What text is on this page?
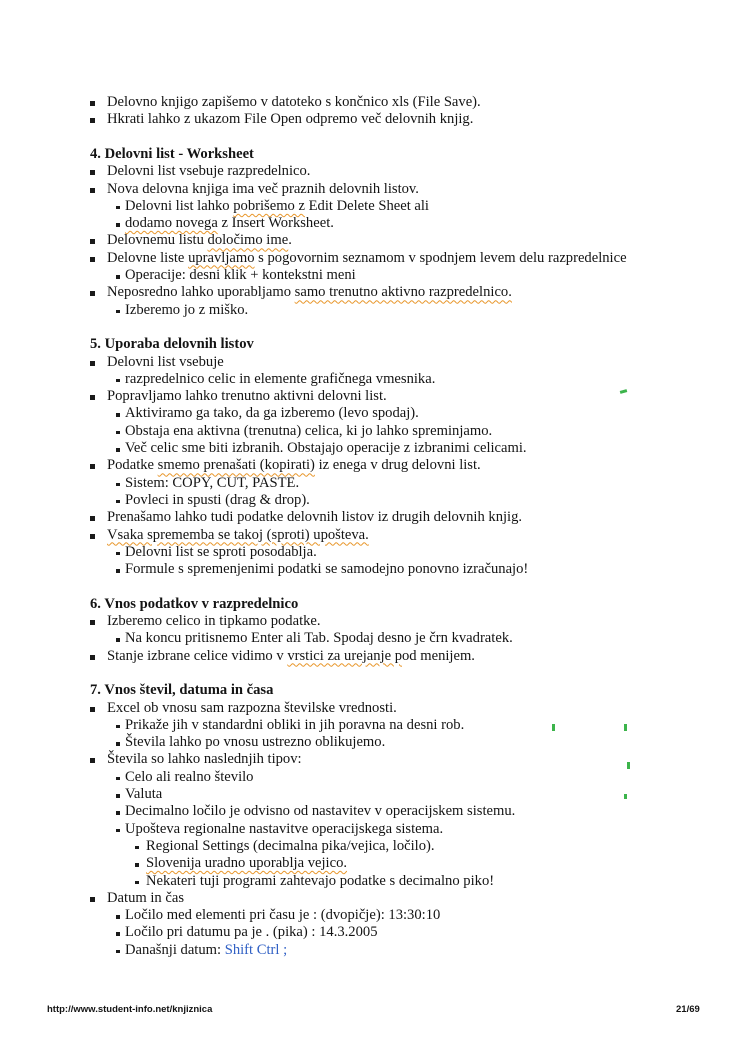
Delovno knjigo zapišemo v datoteko s končnico xls (File Save).
Hkrati lahko z ukazom File Open odpremo več delovnih knjig.
4. Delovni list - Worksheet
Delovni list vsebuje razpredelnico.
Nova delovna knjiga ima več praznih delovnih listov.
Delovni list lahko pobrišemo z Edit Delete Sheet ali
dodamo novega z Insert Worksheet.
Delovnemu listu določimo ime.
Delovne liste upravljamo s pogovornim seznamom v spodnjem levem delu razpredelnice
Operacije: desni klik + kontekstni meni
Neposredno lahko uporabljamo samo trenutno aktivno razpredelnico.
Izberemo jo z miško.
5. Uporaba delovnih listov
Delovni list vsebuje
razpredelnico celic in elemente grafičnega vmesnika.
Popravljamo lahko trenutno aktivni delovni list.
Aktiviramo ga tako, da ga izberemo (levo spodaj).
Obstaja ena aktivna (trenutna) celica, ki jo lahko spreminjamo.
Več celic sme biti izbranih. Obstajajo operacije z izbranimi celicami.
Podatke smemo prenašati (kopirati) iz enega v drug delovni list.
Sistem: COPY, CUT, PASTE.
Povleci in spusti (drag & drop).
Prenašamo lahko tudi podatke delovnih listov iz drugih delovnih knjig.
Vsaka sprememba se takoj (sproti) upošteva.
Delovni list se sproti posodablja.
Formule s spremenjenimi podatki se samodejno ponovno izračunajo!
6. Vnos podatkov v razpredelnico
Izberemo celico in tipkamo podatke.
Na koncu pritisnemo Enter ali Tab. Spodaj desno je črn kvadratek.
Stanje izbrane celice vidimo v vrstici za urejanje pod menijem.
7. Vnos števil, datuma in časa
Excel ob vnosu sam razpozna številske vrednosti.
Prikaže jih v standardni obliki in jih poravna na desni rob.
Števila lahko po vnosu ustrezno oblikujemo.
Števila so lahko naslednjih tipov:
Celo ali realno število
Valuta
Decimalno ločilo je odvisno od nastavitev v operacijskem sistemu.
Upošteva regionalne nastavitve operacijskega sistema.
Regional Settings (decimalna pika/vejica, ločilo).
Slovenija uradno uporablja vejico.
Nekateri tuji programi zahtevajo podatke s decimalno piko!
Datum in čas
Ločilo med elementi pri času je : (dvopičje): 13:30:10
Ločilo pri datumu pa je . (pika) : 14.3.2005
Današnji datum: Shift Ctrl ;
http://www.student-info.net/knjiznica	21/69
